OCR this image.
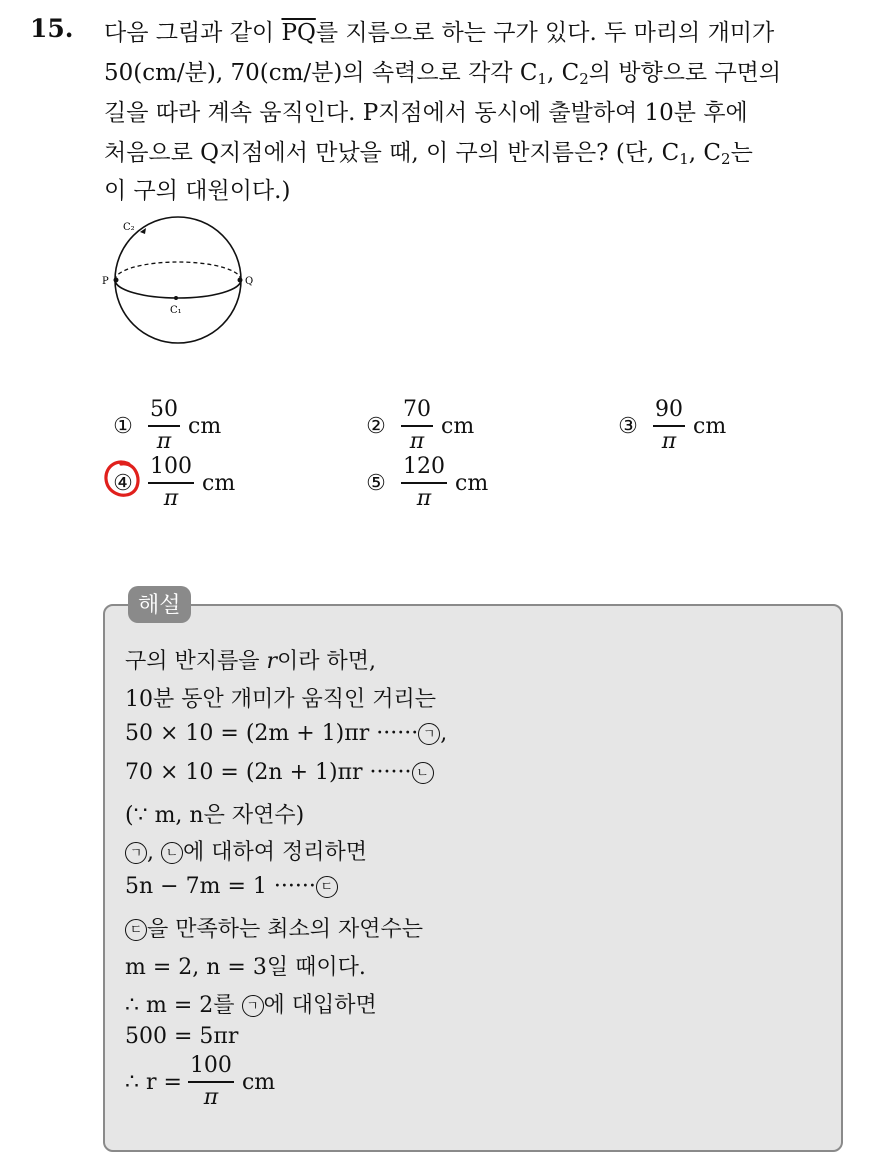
15. 다음 그림과 같이 $\overline{PQ}$를 지름으로 하는 구가 있다. 두 마리의 개미가
50(cm/분), 70(cm/분)의 속력으로 각각 $C_1$, $C_2$의 방향으로 구면의
길을 따라 계속 움직인다. P지점에서 동시에 출발하여 10분 후에
처음으로 Q지점에서 만났을 때, 이 구의 반지름은? (단, $C_1$, $C_2$는
이 구의 대원이다.)
C₂
P	Q
C₁
① $\frac{50}{\pi}$ cm	② $\frac{70}{\pi}$ cm	③ $\frac{90}{\pi}$ cm
④ $\frac{100}{\pi}$ cm	⑤ $\frac{120}{\pi}$ cm
해설
구의 반지름을 r이라 하면,
10분 동안 개미가 움직인 거리는
50 × 10 = (2m + 1)πr ······ ㄱ ,
70 × 10 = (2n + 1)πr ······ ㄴ
(∵ m, n은 자연수)
ㄱ , ㄴ 에 대하여 정리하면
5n − 7m = 1 ······ ㄷ
ㄷ 을 만족하는 최소의 자연수는
m = 2, n = 3일 때이다.
∴ m = 2를 ㄱ 에 대입하면
500 = 5πr
∴ $r = \frac{100}{\pi}$ cm
